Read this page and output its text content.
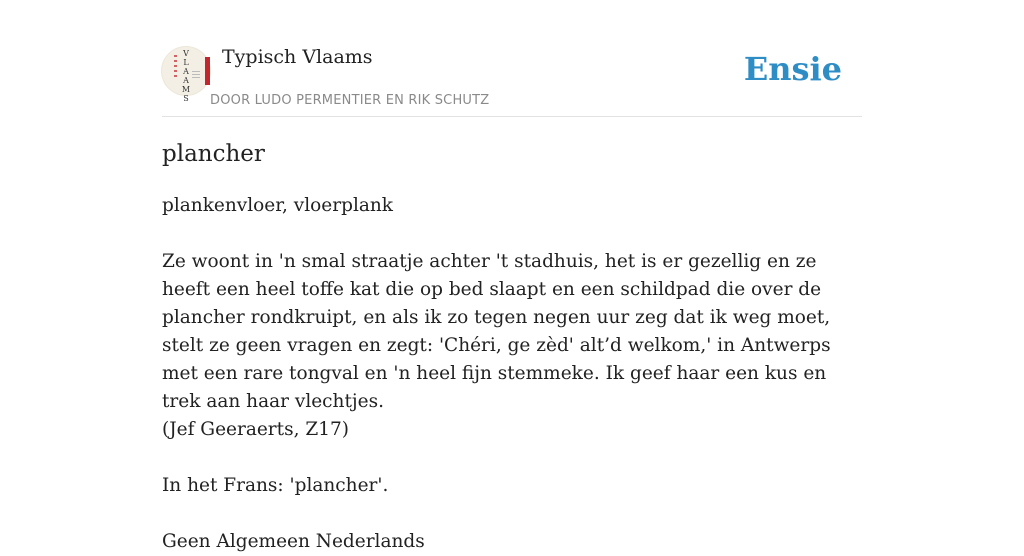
V
L
A
A
M
S
Typisch Vlaams
DOOR LUDO PERMENTIER EN RIK SCHUTZ
Ensie
plancher

plankenvloer, vloerplank

Ze woont in 'n smal straatje achter 't stadhuis, het is er gezellig en ze heeft een heel toffe kat die op bed slaapt en een schildpad die over de plancher rondkruipt, en als ik zo tegen negen uur zeg dat ik weg moet, stelt ze geen vragen en zegt: 'Chéri, ge zèd' alt’d welkom,' in Antwerps met een rare tongval en 'n heel fijn stemmeke. Ik geef haar een kus en trek aan haar vlechtjes.

(Jef Geeraerts, Z17)

In het Frans: 'plancher'.

Geen Algemeen Nederlands
